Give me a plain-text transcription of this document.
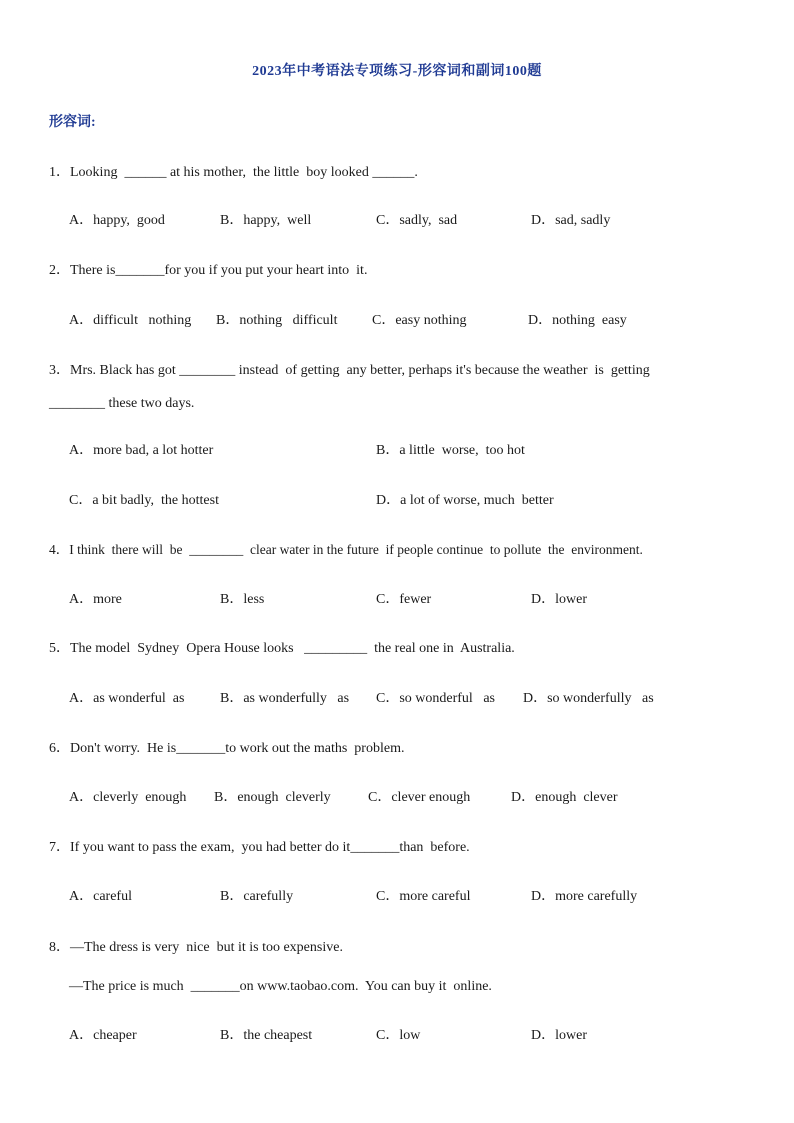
2023年中考语法专项练习-形容词和副词100题
形容词:
1．Looking  ______ at his mother,  the little  boy looked ______.
A．happy,  good	B．happy,  well	C．sadly,  sad	D．sad, sadly
2．There is_______for you if you put your heart into  it.
A．difficult   nothing B．nothing   difficult C．easy nothing	D．nothing  easy
3．Mrs. Black has got ________ instead  of getting  any better, perhaps it's because the weather  is  getting
________ these two days.
A．more bad, a lot hotter	B．a little  worse,  too hot
C．a bit badly,  the hottest	D．a lot of worse, much  better
4．I think  there will  be  ________  clear water in the future  if people continue  to pollute  the  environment.
A．more	B．less	C．fewer	D．lower
5．The model  Sydney  Opera House looks   _________  the real one in  Australia.
A．as wonderful  as	B．as wonderfully   as C．so wonderful   as D．so wonderfully   as
6．Don't worry.  He is_______to work out the maths  problem.
A．cleverly  enough B．enough  cleverly	C．clever enough	D．enough  clever
7．If you want to pass the exam,  you had better do it_______than  before.
A．careful	B．carefully	C．more careful	D．more carefully
8．—The dress is very  nice  but it is too expensive.
—The price is much  _______on www.taobao.com.  You can buy it  online.
A．cheaper	B．the cheapest	C．low	D．lower
